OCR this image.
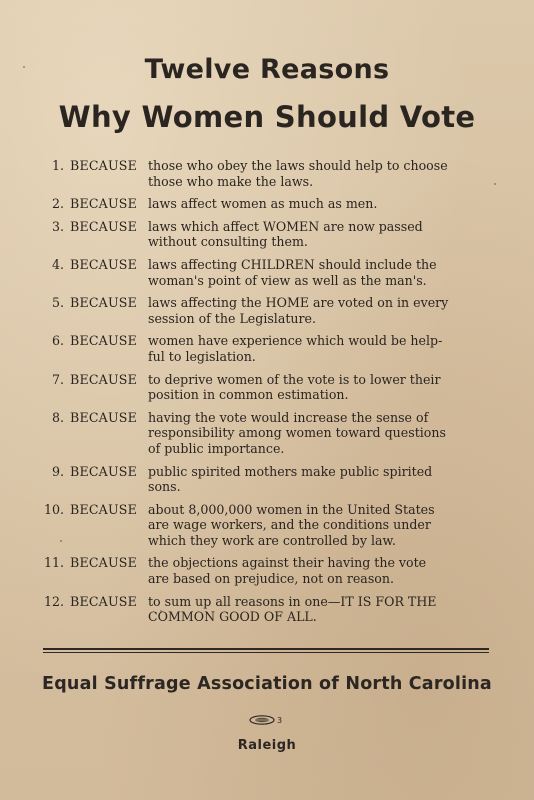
Twelve Reasons
Why Women Should Vote
1. BECAUSE those who obey the laws should help to choose
those who make the laws.
2. BECAUSE laws affect women as much as men.
3. BECAUSE laws which affect WOMEN are now passed
without consulting them.
4. BECAUSE laws affecting CHILDREN should include the
woman's point of view as well as the man's.
5. BECAUSE laws affecting the HOME are voted on in every
session of the Legislature.
6. BECAUSE women have experience which would be help-
ful to legislation.
7. BECAUSE to deprive women of the vote is to lower their
position in common estimation.
8. BECAUSE having the vote would increase the sense of
responsibility among women toward questions
of public importance.
9. BECAUSE public spirited mothers make public spirited
sons.
10. BECAUSE about 8,000,000 women in the United States
are wage workers, and the conditions under
which they work are controlled by law.
11. BECAUSE the objections against their having the vote
are based on prejudice, not on reason.
12. BECAUSE to sum up all reasons in one—IT IS FOR THE
COMMON GOOD OF ALL.
Equal Suffrage Association of North Carolina
3
Raleigh
